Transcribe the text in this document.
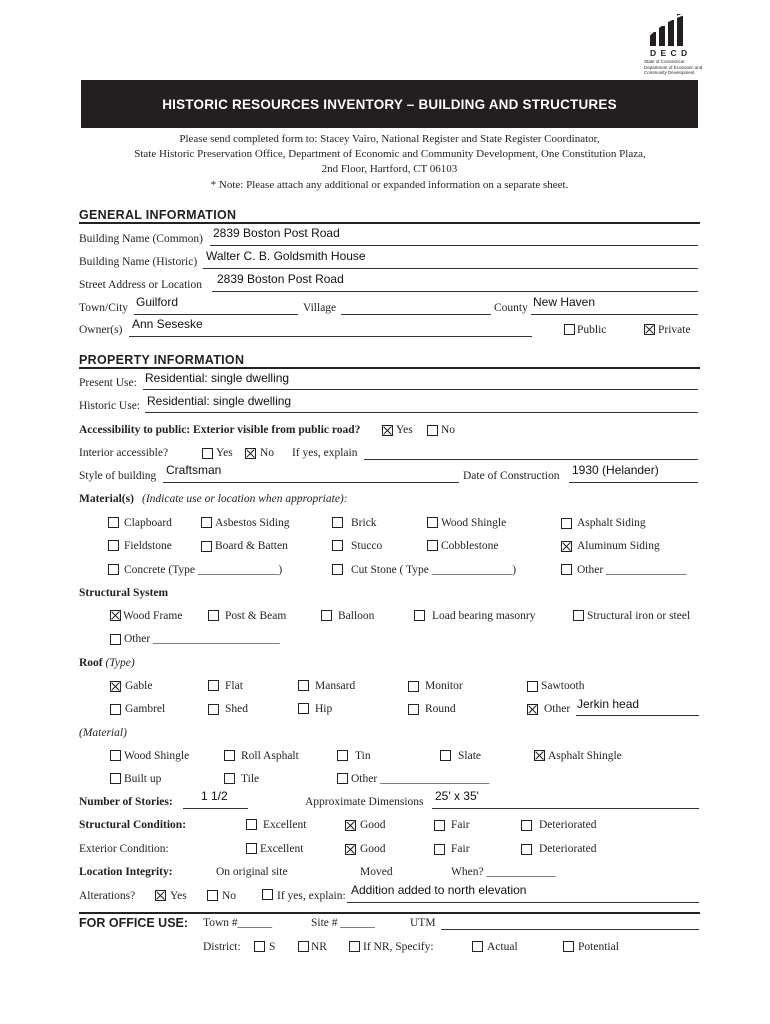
D E C D
State of Connecticut
Department of Economic and
Community Development
HISTORIC RESOURCES INVENTORY – BUILDING AND STRUCTURES
Please send completed form to: Stacey Vairo, National Register and State Register Coordinator,
State Historic Preservation Office, Department of Economic and Community Development, One Constitution Plaza,
2nd Floor, Hartford, CT 06103
* Note: Please attach any additional or expanded information on a separate sheet.
GENERAL INFORMATION
Building Name (Common) 2839 Boston Post Road
Building Name (Historic) Walter C. B. Goldsmith House
Street Address or Location 2839 Boston Post Road
Town/City Guilford	Village	County New Haven
Owner(s) Ann Seseske	Public	Private
PROPERTY INFORMATION
Present Use: Residential: single dwelling
Historic Use: Residential: single dwelling
Accessibility to public: Exterior visible from public road?	Yes No
Interior accessible?	Yes No If yes, explain
Style of building Craftsman	Date of Construction 1930 (Helander)
Material(s) (Indicate use or location when appropriate):
Clapboard	Asbestos Siding	Brick	Wood Shingle	Asphalt Siding
Fieldstone	Board & Batten	Stucco	Cobblestone	Aluminum Siding
Concrete (Type ______________)	Cut Stone ( Type ______________)	Other ______________
Structural System
Wood Frame	Post & Beam	Balloon	Load bearing masonry	Structural iron or steel
Other ______________________
Roof (Type)
Gable	Flat	Mansard	Monitor	Sawtooth
Gambrel	Shed	Hip	Round	Other Jerkin head
(Material)
Wood Shingle	Roll Asphalt	Tin	Slate	Asphalt Shingle
Built up	Tile	Other ___________________
Number of Stories: 1 1/2	Approximate Dimensions 25' x 35'
Structural Condition:	Excellent	Good	Fair	Deteriorated
Exterior Condition:	Excellent	Good	Fair	Deteriorated
Location Integrity:	On original site	Moved	When? ____________
Alterations?	Yes	No	If yes, explain: Addition added to north elevation
FOR OFFICE USE: Town #______	Site # ______	UTM
District: S	NR	If NR, Specify:	Actual	Potential
